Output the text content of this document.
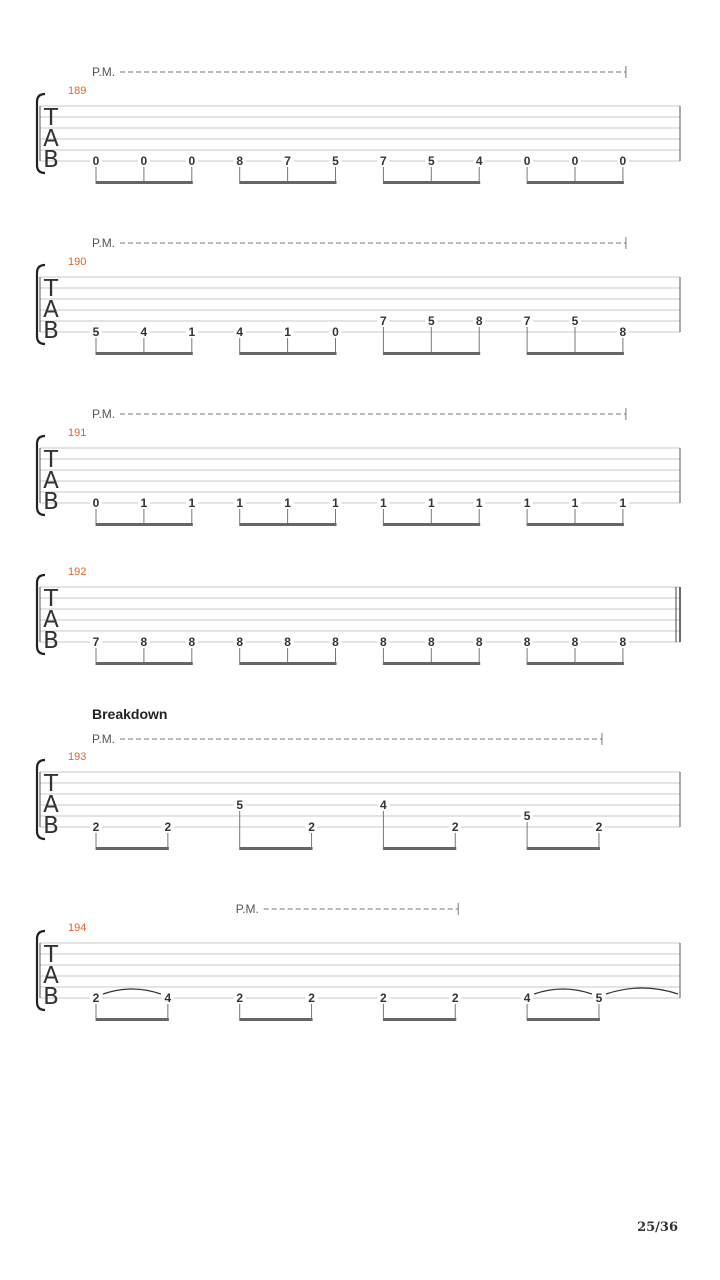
T
A
B
189
P.M.
0	0	0	8	7	5	7	5	4	0	0	0
T
A
B
190
P.M.
5	4	1	4	1	0
7	5	8	7	5
8
T
A
B
191
P.M.
0	1	1	1	1	1	1	1	1	1	1	1
T
A
B
192
7	8	8	8	8	8	8	8	8	8	8	8
T
A
B
193
Breakdown
P.M.
2	2
5
2
4
2
5
2
T
A
B
194
P.M.
2	4	2	2	2	2	4	5
25/36
